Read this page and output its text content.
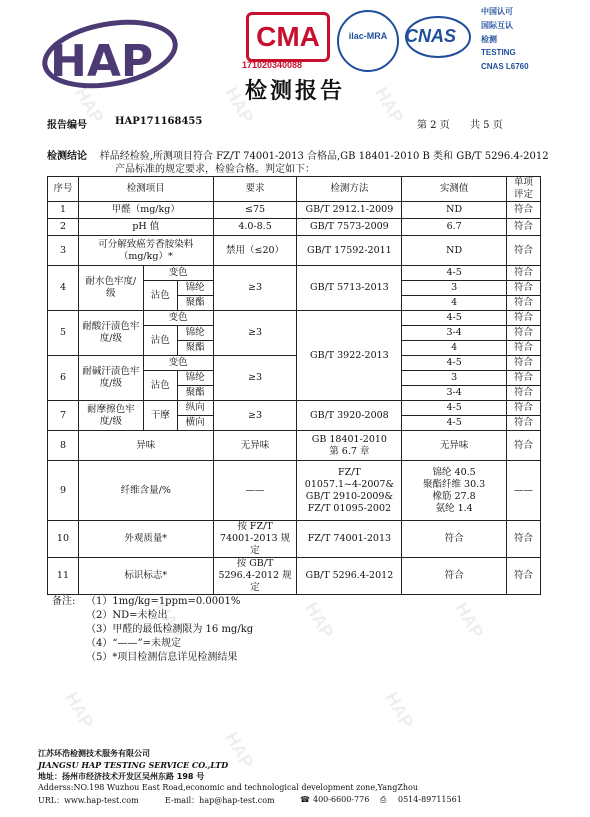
HAP	HAP	HAP
HAP	HAP	HAP
HAP
HAP
HAP
HAP	CMA
171020340088
ilac-MRA CNAS
中国认可
国际互认
检测
TESTING
CNAS L6760
检测报告
报告编号	HAP171168455	第 2 页 共 5 页
检测结论 样品经检验,所测项目符合 FZ/T 74001-2013 合格品,GB 18401-2010 B 类和 GB/T 5296.4-2012
产品标准的规定要求，检验合格。判定如下：
序号	检测项目			要求	检测方法	实测值	单项
评定
1	甲醛（mg/kg）			≤75	GB/T 2912.1-2009	ND	符合
2	pH 值			4.0-8.5	GB/T 7573-2009	6.7	符合
3	可分解致癌芳香胺染料（mg/kg）*			禁用（≤20）	GB/T 17592-2011	ND	符合
4	耐水色牢度/级	变色		≥3	GB/T 5713-2013	4-5	符合
		沾色	锦纶			3	符合
			聚酯			4	符合
5	耐酸汗渍色牢度/级	变色		≥3	GB/T 3922-2013	4-5	符合
		沾色	锦纶			3-4	符合
			聚酯			4	符合
6	耐碱汗渍色牢度/级	变色		≥3		4-5	符合
		沾色	锦纶			3	符合
			聚酯			3-4	符合
7	耐摩擦色牢度/级	干摩	纵向	≥3	GB/T 3920-2008	4-5	符合
			横向			4-5	符合
8	异味			无异味	GB 18401-2010
第 6.7 章	无异味	符合
9	纤维含量/%			——	FZ/T
01057.1~4-2007&
GB/T 2910-2009&
FZ/T 01095-2002	锦纶 40.5
聚酯纤维 30.3
橡筋 27.8
氨纶 1.4	——
10	外观质量*			按 FZ/T
74001-2013 规定	FZ/T 74001-2013	符合	符合
11	标识标志*			按 GB/T
5296.4-2012 规定	GB/T 5296.4-2012	符合	符合
备注:	（1）1mg/kg=1ppm=0.0001%
（2）ND=未检出
（3）甲醛的最低检测限为 16 mg/kg
（4）“——”=未规定
（5）*项目检测信息详见检测结果
江苏环浩检测技术服务有限公司
JIANGSU HAP TESTING SERVICE CO.,LTD
地址：扬州市经济技术开发区吴州东路 198 号
Adderss:NO.198 Wuzhou East Road,economic and technological development zone,YangZhou
URL：www.hap-test.com	E-mail：hap@hap-test.com	☎ 400-6600-776 ⎙ 0514-89711561
